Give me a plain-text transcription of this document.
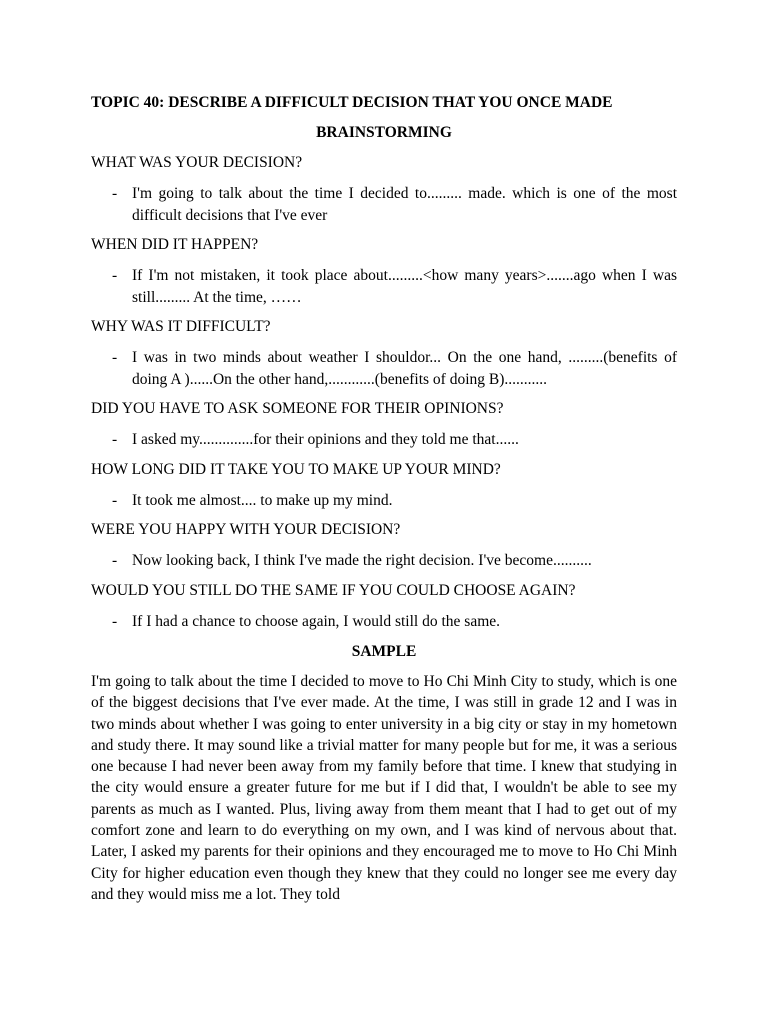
TOPIC 40: DESCRIBE A DIFFICULT DECISION THAT YOU ONCE MADE

BRAINSTORMING

WHAT WAS YOUR DECISION?

- I'm going to talk about the time I decided to......... made. which is one of the most difficult decisions that I've ever

WHEN DID IT HAPPEN?

- If I'm not mistaken, it took place about.........<how many years>.......ago when I was still......... At the time, ……

WHY WAS IT DIFFICULT?

- I was in two minds about weather I shouldor... On the one hand, .........(benefits of doing A )......On the other hand,............(benefits of doing B)...........

DID YOU HAVE TO ASK SOMEONE FOR THEIR OPINIONS?

- I asked my..............for their opinions and they told me that......

HOW LONG DID IT TAKE YOU TO MAKE UP YOUR MIND?

- It took me almost.... to make up my mind.

WERE YOU HAPPY WITH YOUR DECISION?

- Now looking back, I think I've made the right decision. I've become..........

WOULD YOU STILL DO THE SAME IF YOU COULD CHOOSE AGAIN?

- If I had a chance to choose again, I would still do the same.

SAMPLE

I'm going to talk about the time I decided to move to Ho Chi Minh City to study, which is one of the biggest decisions that I've ever made. At the time, I was still in grade 12 and I was in two minds about whether I was going to enter university in a big city or stay in my hometown and study there. It may sound like a trivial matter for many people but for me, it was a serious one because I had never been away from my family before that time. I knew that studying in the city would ensure a greater future for me but if I did that, I wouldn't be able to see my parents as much as I wanted. Plus, living away from them meant that I had to get out of my comfort zone and learn to do everything on my own, and I was kind of nervous about that. Later, I asked my parents for their opinions and they encouraged me to move to Ho Chi Minh City for higher education even though they knew that they could no longer see me every day and they would miss me a lot. They told
